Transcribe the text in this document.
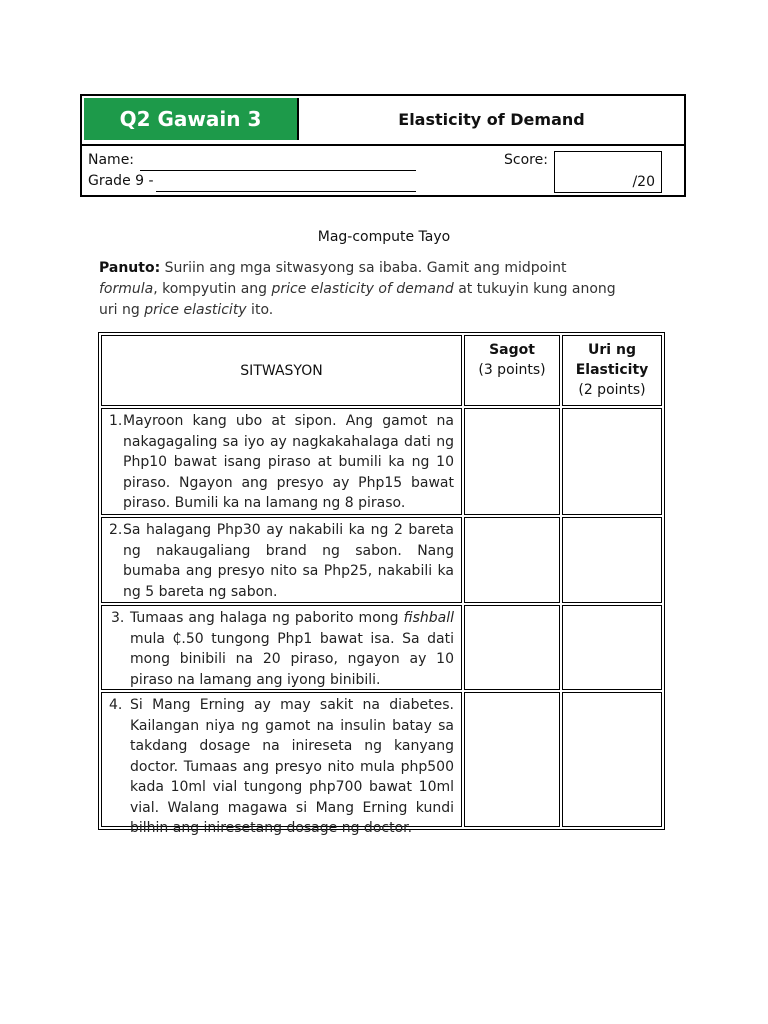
Q2 Gawain 3	Elasticity of Demand
Name:
Grade 9 -
Score:
/20
Mag-compute Tayo
Panuto: Suriin ang mga sitwasyong sa ibaba. Gamit ang midpoint formula, kompyutin ang price elasticity of demand at tukuyin kung anong uri ng price elasticity ito.
SITWASYON
Sagot
(3 points)
Uri ng
Elasticity
(2 points)
1. Mayroon kang ubo at sipon. Ang gamot na nakagagaling sa iyo ay nagkakahalaga dati ng Php10 bawat isang piraso at bumili ka ng 10 piraso. Ngayon ang presyo ay Php15 bawat piraso. Bumili ka na lamang ng 8 piraso.
2. Sa halagang Php30 ay nakabili ka ng 2 bareta ng nakaugaliang brand ng sabon. Nang bumaba ang presyo nito sa Php25, nakabili ka ng 5 bareta ng sabon.
3. Tumaas ang halaga ng paborito mong fishball mula ₵.50 tungong Php1 bawat isa. Sa dati mong binibili na 20 piraso, ngayon ay 10 piraso na lamang ang iyong binibili.
4. Si Mang Erning ay may sakit na diabetes. Kailangan niya ng gamot na insulin batay sa takdang dosage na inireseta ng kanyang doctor. Tumaas ang presyo nito mula php500 kada 10ml vial tungong php700 bawat 10ml vial. Walang magawa si Mang Erning kundi bilhin ang iniresetang dosage ng doctor.
